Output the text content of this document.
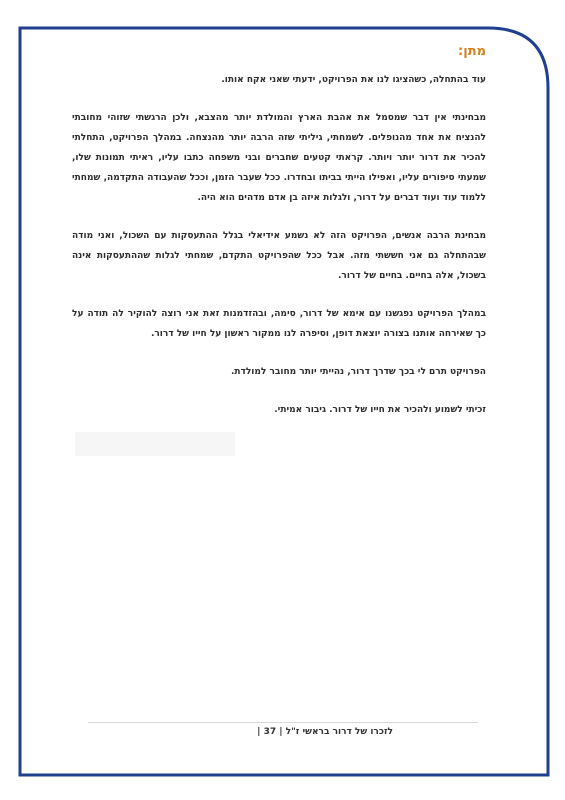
מתן:

עוד בהתחלה, כשהציגו לנו את הפרויקט, ידעתי שאני אקח אותו.

מבחינתי אין דבר שמסמל את אהבת הארץ והמולדת יותר מהצבא, ולכן הרגשתי שזוהי מחובתי להנציח את אחד מהנופלים. לשמחתי, גיליתי שזה הרבה יותר מהנצחה. במהלך הפרויקט, התחלתי להכיר את דרור יותר ויותר. קראתי קטעים שחברים ובני משפחה כתבו עליו, ראיתי תמונות שלו, שמעתי סיפורים עליו, ואפילו הייתי בביתו ובחדרו. ככל שעבר הזמן, וככל שהעבודה התקדמה, שמחתי ללמוד עוד ועוד דברים על דרור, ולגלות איזה בן אדם מדהים הוא היה.

מבחינת הרבה אנשים, הפרויקט הזה לא נשמע אידיאלי בגלל ההתעסקות עם השכול, ואני מודה שבהתחלה גם אני חששתי מזה. אבל ככל שהפרויקט התקדם, שמחתי לגלות שההתעסקות אינה בשכול, אלה בחיים. בחיים של דרור.

במהלך הפרויקט נפגשנו עם אימא של דרור, סימה, ובהזדמנות זאת אני רוצה להוקיר לה תודה על כך שאירחה אותנו בצורה יוצאת דופן, וסיפרה לנו ממקור ראשון על חייו של דרור.

הפרויקט תרם לי בכך שדרך דרור, נהייתי יותר מחובר למולדת.

זכיתי לשמוע ולהכיר את חייו של דרור. גיבור אמיתי.

לזכרו של דרור בראשי ז"ל | 37 |
